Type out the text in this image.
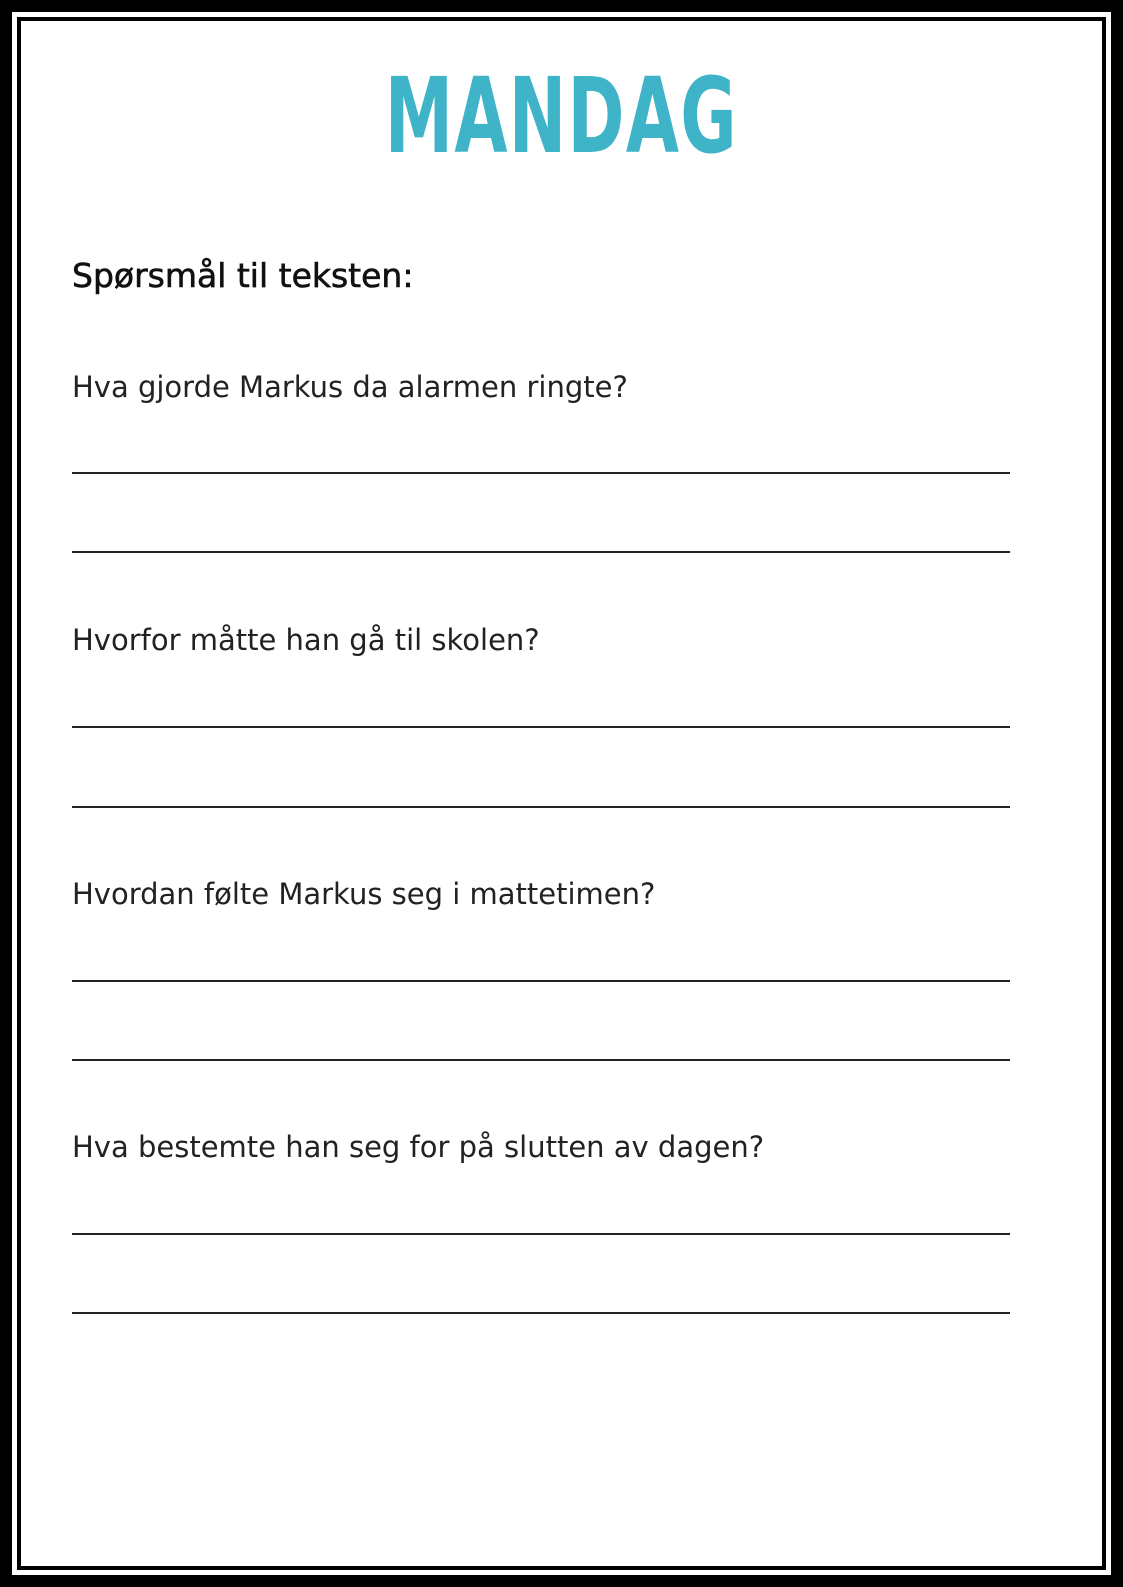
MANDAG
Spørsmål til teksten:
Hva gjorde Markus da alarmen ringte?
Hvorfor måtte han gå til skolen?
Hvordan følte Markus seg i mattetimen?
Hva bestemte han seg for på slutten av dagen?
